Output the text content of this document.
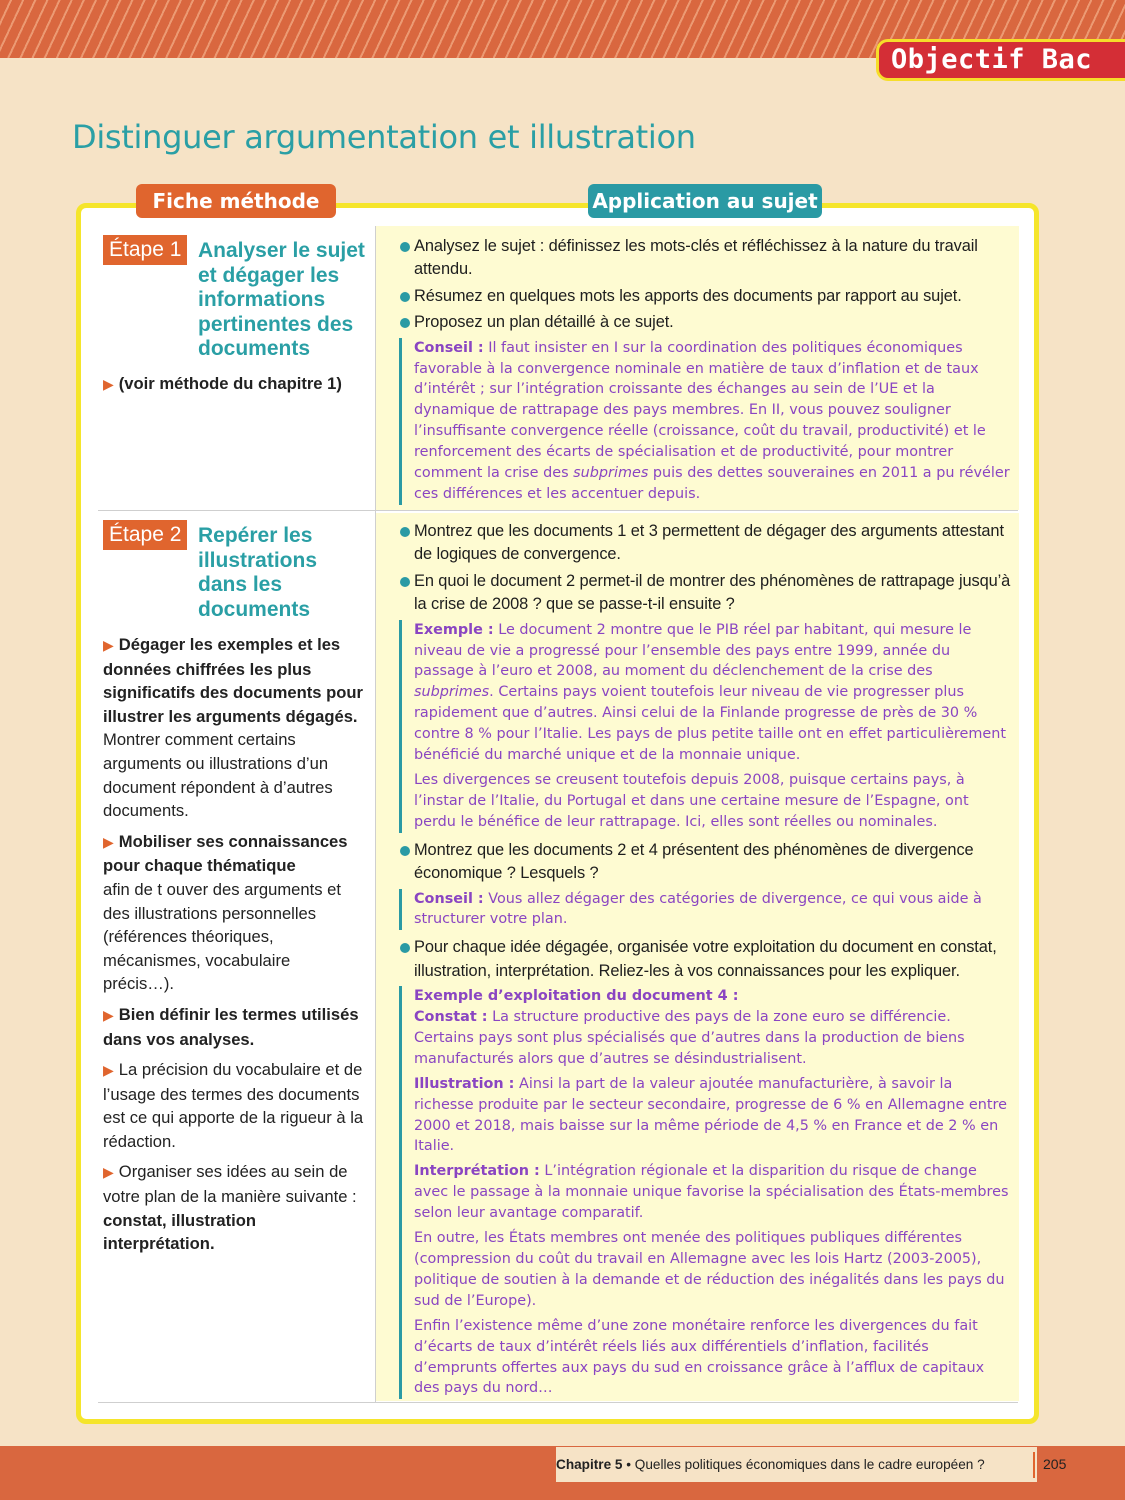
Objectif Bac
Distinguer argumentation et illustration
Fiche méthode	Application au sujet
Étape 1 Analyser le sujet et dégager les informations pertinentes des documents

▶ (voir méthode du chapitre 1)

Analysez le sujet : définissez les mots-clés et réfléchissez à la nature du travail attendu.
Résumez en quelques mots les apports des documents par rapport au sujet.
Proposez un plan détaillé à ce sujet.

Conseil : Il faut insister en I sur la coordination des politiques économiques favorable à la convergence nominale en matière de taux d’inflation et de taux d’intérêt ; sur l’intégration croissante des échanges au sein de l’UE et la dynamique de rattrapage des pays membres. En II, vous pouvez souligner l’insuffisante convergence réelle (croissance, coût du travail, productivité) et le renforcement des écarts de spécialisation et de productivité, pour montrer comment la crise des subprimes puis des dettes souveraines en 2011 a pu révéler ces différences et les accentuer depuis.

Étape 2 Repérer les illustrations dans les documents

▶ Dégager les exemples et les données chiffrées les plus significatifs des documents pour illustrer les arguments dégagés.
Montrer comment certains arguments ou illustrations d’un document répondent à d’autres documents.

▶ Mobiliser ses connaissances pour chaque thématique
afin de t ouver des arguments et des illustrations personnelles (références théoriques, mécanismes, vocabulaire précis…).

▶ Bien définir les termes utilisés dans vos analyses.

▶ La précision du vocabulaire et de l’usage des termes des documents est ce qui apporte de la rigueur à la rédaction.

▶ Organiser ses idées au sein de votre plan de la manière suivante : constat, illustration interprétation.

Montrez que les documents 1 et 3 permettent de dégager des arguments attestant de logiques de convergence.
En quoi le document 2 permet-il de montrer des phénomènes de rattrapage jusqu’à la crise de 2008 ? que se passe-t-il ensuite ?

Exemple : Le document 2 montre que le PIB réel par habitant, qui mesure le niveau de vie a progressé pour l’ensemble des pays entre 1999, année du passage à l’euro et 2008, au moment du déclenchement de la crise des subprimes. Certains pays voient toutefois leur niveau de vie progresser plus rapidement que d’autres. Ainsi celui de la Finlande progresse de près de 30 % contre 8 % pour l’Italie. Les pays de plus petite taille ont en effet particulièrement bénéficié du marché unique et de la monnaie unique.

Les divergences se creusent toutefois depuis 2008, puisque certains pays, à l’instar de l’Italie, du Portugal et dans une certaine mesure de l’Espagne, ont perdu le bénéfice de leur rattrapage. Ici, elles sont réelles ou nominales.

Montrez que les documents 2 et 4 présentent des phénomènes de divergence économique ? Lesquels ?

Conseil : Vous allez dégager des catégories de divergence, ce qui vous aide à structurer votre plan.

Pour chaque idée dégagée, organisée votre exploitation du document en constat, illustration, interprétation. Reliez-les à vos connaissances pour les expliquer.

Exemple d’exploitation du document 4 :

Constat : La structure productive des pays de la zone euro se différencie. Certains pays sont plus spécialisés que d’autres dans la production de biens manufacturés alors que d’autres se désindustrialisent.

Illustration : Ainsi la part de la valeur ajoutée manufacturière, à savoir la richesse produite par le secteur secondaire, progresse de 6 % en Allemagne entre 2000 et 2018, mais baisse sur la même période de 4,5 % en France et de 2 % en Italie.

Interprétation : L’intégration régionale et la disparition du risque de change avec le passage à la monnaie unique favorise la spécialisation des États-membres selon leur avantage comparatif.

En outre, les États membres ont menée des politiques publiques différentes (compression du coût du travail en Allemagne avec les lois Hartz (2003-2005), politique de soutien à la demande et de réduction des inégalités dans les pays du sud de l’Europe).

Enfin l’existence même d’une zone monétaire renforce les divergences du fait d’écarts de taux d’intérêt réels liés aux différentiels d’inflation, facilités d’emprunts offertes aux pays du sud en croissance grâce à l’afflux de capitaux des pays du nord…

Chapitre 5 • Quelles politiques économiques dans le cadre européen ?	205
